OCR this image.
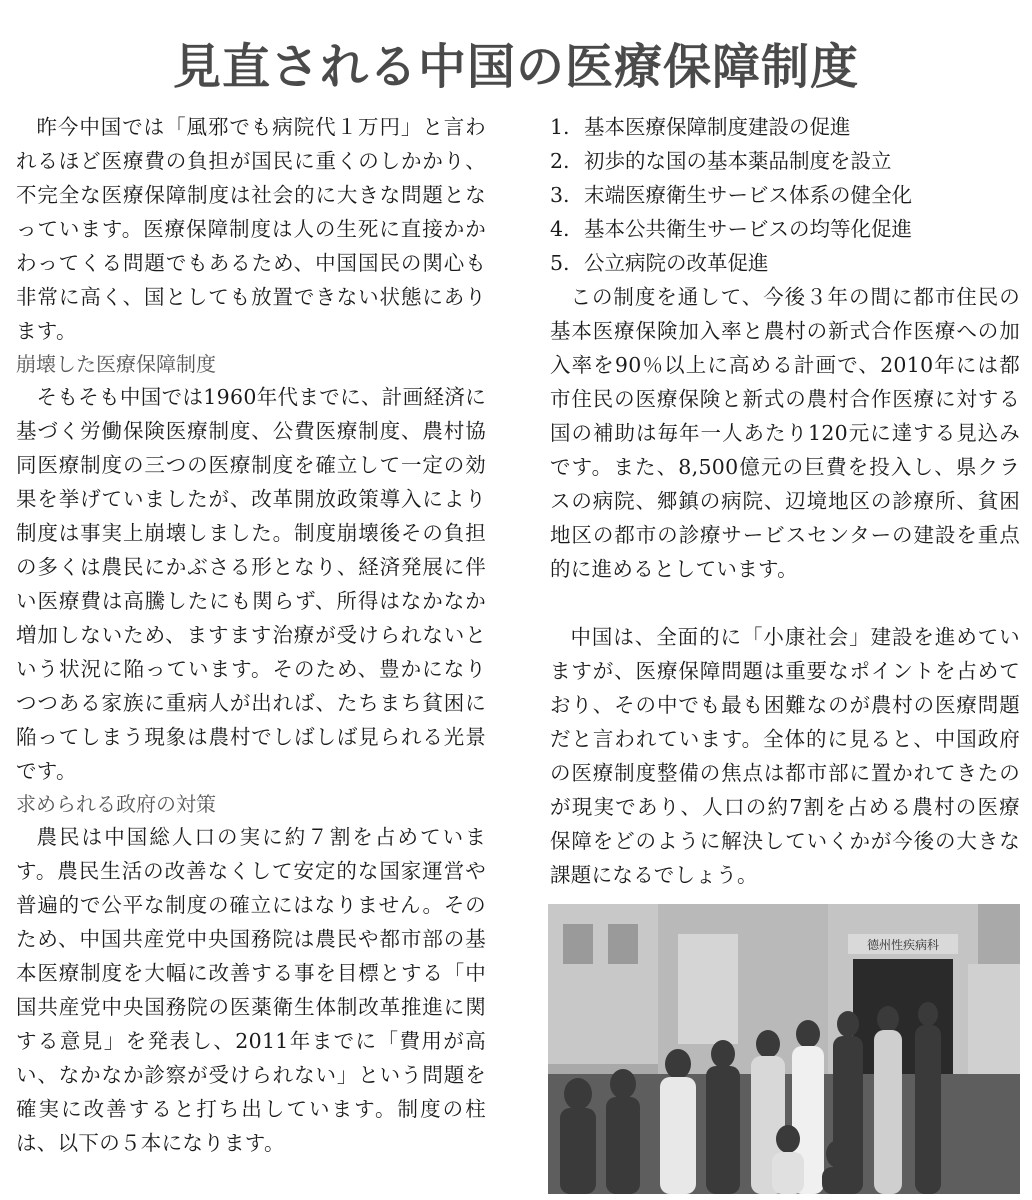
見直される中国の医療保障制度

昨今中国では「風邪でも病院代１万円」と言われるほど医療費の負担が国民に重くのしかかり、不完全な医療保障制度は社会的に大きな問題となっています。医療保障制度は人の生死に直接かかわってくる問題でもあるため、中国国民の関心も非常に高く、国としても放置できない状態にあります。

崩壊した医療保障制度

そもそも中国では1960年代までに、計画経済に基づく労働保険医療制度、公費医療制度、農村協同医療制度の三つの医療制度を確立して一定の効果を挙げていましたが、改革開放政策導入により制度は事実上崩壊しました。制度崩壊後その負担の多くは農民にかぶさる形となり、経済発展に伴い医療費は高騰したにも関らず、所得はなかなか増加しないため、ますます治療が受けられないという状況に陥っています。そのため、豊かになりつつある家族に重病人が出れば、たちまち貧困に陥ってしまう現象は農村でしばしば見られる光景です。

求められる政府の対策

農民は中国総人口の実に約７割を占めています。農民生活の改善なくして安定的な国家運営や普遍的で公平な制度の確立にはなりません。そのため、中国共産党中央国務院は農民や都市部の基本医療制度を大幅に改善する事を目標とする「中国共産党中央国務院の医薬衛生体制改革推進に関する意見」を発表し、2011年までに「費用が高い、なかなか診察が受けられない」という問題を確実に改善すると打ち出しています。制度の柱は、以下の５本になります。

1. 基本医療保障制度建設の促進
2. 初歩的な国の基本薬品制度を設立
3. 末端医療衛生サービス体系の健全化
4. 基本公共衛生サービスの均等化促進
5. 公立病院の改革促進

この制度を通して、今後３年の間に都市住民の基本医療保険加入率と農村の新式合作医療への加入率を90％以上に高める計画で、2010年には都市住民の医療保険と新式の農村合作医療に対する国の補助は毎年一人あたり120元に達する見込みです。また、8,500億元の巨費を投入し、県クラスの病院、郷鎮の病院、辺境地区の診療所、貧困地区の都市の診療サービスセンターの建設を重点的に進めるとしています。

中国は、全面的に「小康社会」建設を進めていますが、医療保障問題は重要なポイントを占めており、その中でも最も困難なのが農村の医療問題だと言われています。全体的に見ると、中国政府の医療制度整備の焦点は都市部に置かれてきたのが現実であり、人口の約7割を占める農村の医療保障をどのように解決していくかが今後の大きな課題になるでしょう。

德州性疾病科
